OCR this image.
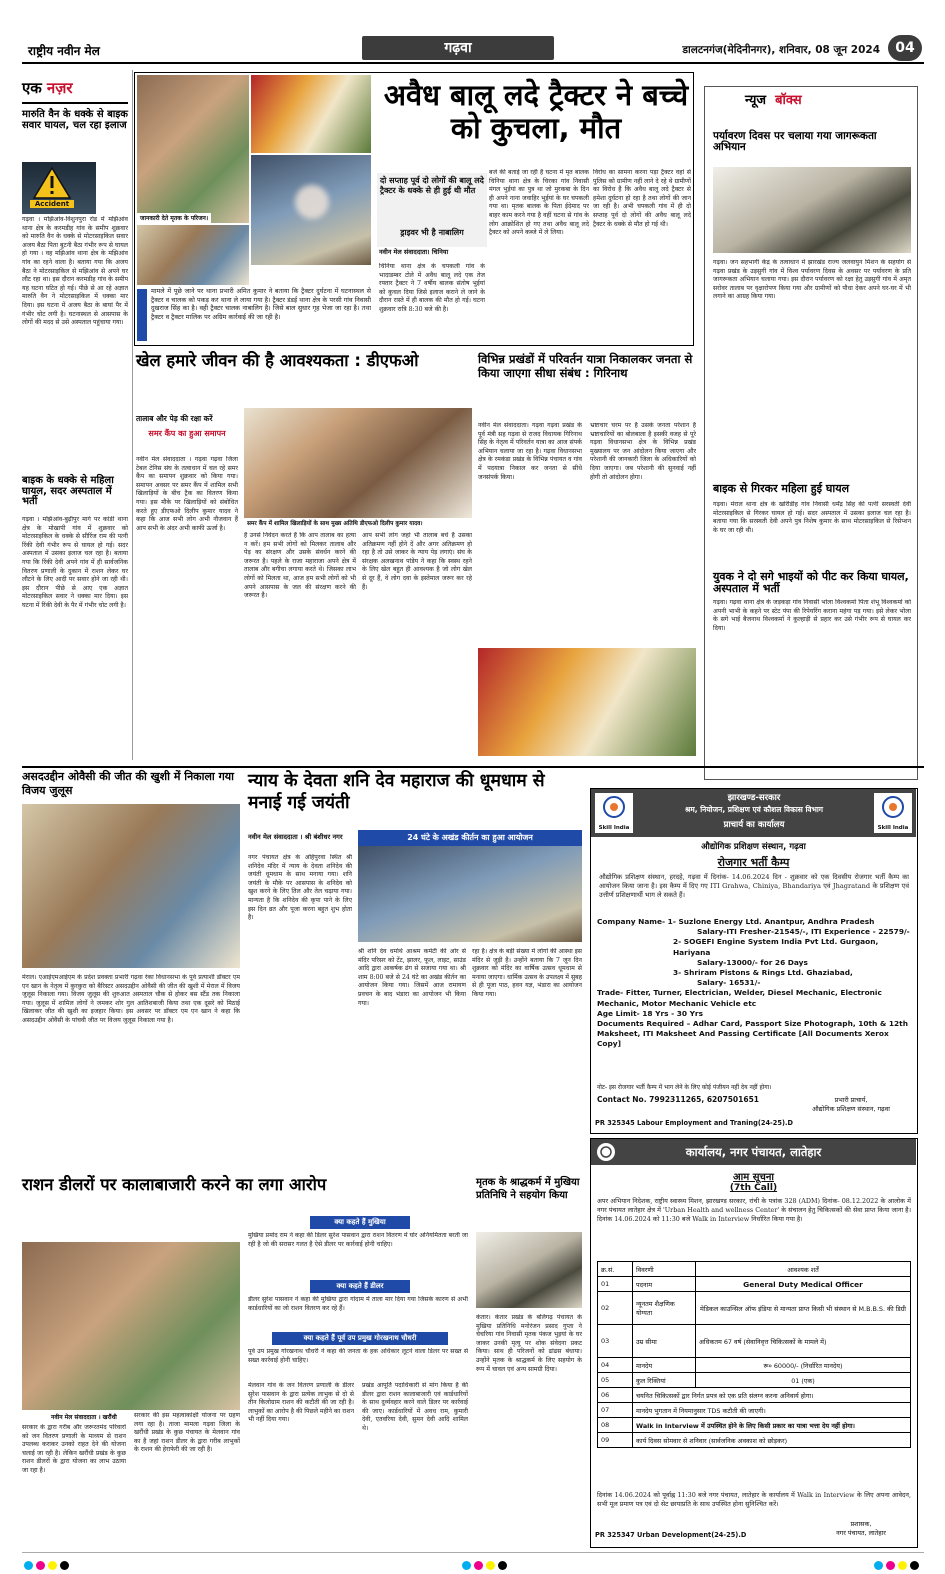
राष्ट्रीय नवीन मेल	गढ़वा	डालटनगंज(मेदिनीनगर), शनिवार, 08 जून 2024	04
एक नज़र
मारुति वैन के धक्के से बाइक सवार घायल, चल रहा इलाज
Accident
गढ़वा । मझिआंव-विशुनपुरा रोड में मझिआंव थाना क्षेत्र के करमडीह गांव के समीप शुक्रवार को मारुति वैन के धक्के से मोटरसाइकिल सवार अजय बैठा पिता बुटनी बैठा गंभीर रूप से घायल हो गया । वह मझिआंव थाना क्षेत्र के मझिआंव गांव का रहने वाला है। बताया गया कि अजय बैठा ने मोटरसाइकिल से मझिआंव से अपने घर लौट रहा था। इस दौरान करमडीह गांव के समीप यह घटना घटित हो गई। पीछे से आ रहे अज्ञात मारुति वैन ने मोटरसाइकिल में धक्का मार दिया। इस घटना में अजय बैठा के बायां पैर में गंभीर चोट लगी है। घटनास्थल से आसपास के लोगों की मदद से उसे अस्पताल पहुंचाया गया।
बाइक के धक्के से महिला घायल, सदर अस्पताल में भर्ती
गढ़वा । मझिआंव-बुढ़ीपुर मार्ग पर कांडी थाना क्षेत्र के मोखापी गांव में शुक्रवार को मोटरसाइकिल के धक्के से सीरिंज राम की पत्नी रिंकी देवी गंभीर रूप से घायल हो गई। सदर अस्पताल में उसका इलाज चल रहा है। बताया गया कि रिंकी देवी अपने गांव में ही सार्वजनिक वितरण प्रणाली के दुकान में राशन लेकर घर लौटने के लिए आदी पर सवार होने जा रही थी। इस दौरान पीछे से आए एक अज्ञात मोटरसाइकिल सवार ने धक्का मार दिया। इस घटना में रिंकी देवी के पैर में गंभीर चोट लगी है।
जानकारी देते मृतक के परिजन।
मामले में पूछे जाने पर थाना प्रभारी अमित कुमार ने बताया कि ट्रैक्टर दुर्घटना में घटनास्थल से ट्रैक्टर व चालक को पकड़ कर थाना ले लाया गया है। ट्रैक्टर डंडई थाना क्षेत्र के परसी गांव निवासी दुखराज सिंह का है। वही ट्रैक्टर चालक नाबालिग है। जिसे बाल सुधार गृह भेजा जा रहा है। तथा ट्रैक्टर व ट्रैक्टर मालिक पर अग्रिम कार्रवाई की जा रही है।
अवैध बालू लदे ट्रैक्टर ने बच्चे को कुचला, मौत
दो सप्ताह पूर्व दो लोगों की बालू लदे ट्रैक्टर के धक्के से ही हुई थी मौत
ड्राइवर भी है नाबालिग
नवीन मेल संवाददाता। चिनिया
चिनिया थाना क्षेत्र के चपकली गांव के भादाडम्बर टोले में अवैध बालू लदे एक तेज रफ्तार ट्रैक्टर ने 7 वर्षीय बालक संतोष भुईयां को कुचल दिया जिसे इलाज कराने ले जाने के दौरान रास्ते में ही बालक की मौत हो गई। घटना शुक्रवार रात्रि 8:30 बजे की है।
बजे की बताई जा रही है घटना में मृत बालक चिनिया थाना क्षेत्र के चिरका गांव निवासी मंगल भुईयां का पुत्र था जो मुरकबा के दिन ही अपने नाना जवाहिर भुईयां के घर चपकली गया था। मृतक बालक के पिता ईदेमाद पर बाहर काम करने गया है वहीं घटना से गांव के लोग आक्रोशित हो गए तथा अवैध बालू लदे ट्रैक्टर को अपने कब्जे में ले लिया।
विरोध का सामना करना पड़ा ट्रैक्टर वहां से पुलिस को ग्रामीण नहीं लाने दे रहे थे ग्रामीणों का विरोध है कि अवैध बालू लदे ट्रैक्टर से हमेशा दुर्घटना हो रहा है तथा लोगों की जान जा रही है। अभी चपकली गांव में ही दो सप्ताह पूर्व दो लोगों की अवैध बालू लदे ट्रैक्टर के धक्के से मौत हो गई थी।
न्यूज बॉक्स
पर्यावरण दिवस पर चलाया गया जागरूकता अभियान
गढ़वा। जन सहभागी केंद्र के तत्वाधान में झारखंड राज्य जलवायुन मिशन के सहयोग से गढ़वा प्रखंड के उड़सुगी गांव में विश्व पर्यावरण दिवस के अवसर पर पर्यावरण के प्रति जागरूकता अभियान चलाया गया। इस दौरान पर्यावरण को रक्षा हेतु उड़सुगी गांव में अमृत सरोवर तालाब पर वृक्षारोपण किया गया और ग्रामीणों को पौधा देकर अपने घर-घर में भी लगाने का आग्रह किया गया।
बाइक से गिरकर महिला हुई घायल
गढ़वा। मेराल थाना क्षेत्र के खोरीडीह गांव निवासी धर्मेंद्र सिंह की पत्नी सरस्वती देवी मोटरसाइकिल से गिरकर घायल हो गई। सदर अस्पताल में उसका इलाज चल रहा है। बताया गया कि सरस्वती देवी अपने पुत्र निशेष कुमार के साथ मोटरसाइकिल से रिसेप्शन के घर जा रही थी।
युवक ने दो सगे भाइयों को पीट कर किया घायल, अस्पताल में भर्ती
गढ़वा। गढ़वा थाना क्षेत्र के जड़कड़ा गांव निवासी भोला विश्वकर्मा पिता शंभू विश्वकर्मा को अपनी भाभी के कहने पर स्टेट पंपा की रिपेयरिंग कराना महंगा पड़ गया। इसे लेकर भोला के सगे भाई बैजनाथ विश्वकर्मा ने कुल्हाड़ी से प्रहार कर उसे गंभीर रूप से घायल कर दिया।
खेल हमारे जीवन की है आवश्यकता : डीएफओ
तालाब और पेड़ की रक्षा करें
समर कैंप का हुआ समापन
समर कैंप में शामिल खिलाड़ियों के साथ मुख्य अतिथि डीएफओ दिलीप कुमार यादव।
नवीन मेल संवाददाता । गढ़वा गढ़वा जिला टेबल टेनिस संघ के तत्वाधान में चल रहे समर कैंप का समापन शुक्रवार को किया गया। समापन अवसर पर समर कैंप में शामिल सभी खिलाड़ियों के बीच ट्रैक का वितरण किया गया। इस मौके पर खिलाड़ियों को संबोधित करते हुए डीएफओ दिलीप कुमार यादव ने कहा कि आज सभी लोग अभी नौजवान हैं आप सभी के अंदर अभी काफी ऊर्जा है।
हैं उनसे निवेदन करते हैं कि आप तालाब का हत्या न करें। हम सभी लोगों को मिलकर तालाब और पेड़ का संरक्षण और उसके संवर्धन करने की जरूरत है। पहले के राजा महाराजा अपने क्षेत्र में तालाब और बगीचा लगाया करते थे। जिसका लाभ लोगों को मिलता था, आज हम सभी लोगों को भी अपने आसपास के जल की संरक्षण करने की जरूरत है।
आप सभी लोग जहां भी तालाब बचे है उसका अतिक्रमण नहीं होने दें और अगर अतिक्रमण हो रहा है तो उसे जाकर के न्याय पेड़ लगाएं। संघ के संरक्षक अलखनाथ पांडेय ने कहा कि स्वस्थ रहने के लिए खेल बहुत ही आवश्यक है जो लोग खेल से दूर हैं, वे लोग दवा के इस्तेमाल जरूर कर रहे हैं।
विभिन्न प्रखंडों में परिवर्तन यात्रा निकालकर जनता से किया जाएगा सीधा संबंध : गिरिनाथ
नवीन मेल संवाददाता। गढ़वा गढ़वा प्रखंड के पूर्व मंत्री सह गढ़वा से राजद विधायक गिरिनाथ सिंह के नेतृत्व में परिवर्तन यात्रा का आज संपर्क अभियान चलाया जा रहा है। गढ़वा विधानसभा क्षेत्र के रमकंडा प्रखंड के विभिन्न पंचायत व गांव में पदयात्रा निकाल कर जनता से सीधे जनसंपर्क किया।
भ्रष्टाचार चरम पर है उसके जनता परेशान है भ्रष्टाचारियों का बोलबाला है इसकी वजह से पूरे गढ़वा विधानसभा क्षेत्र के विभिन्न प्रखंड मुख्यालय पर जन आंदोलन किया जाएगा और परेशानी की जानकारी जिला के अधिकारियों को दिया जाएगा। जब परेशानी की सुनवाई नहीं होगी तो आंदोलन होगा।
असदउद्दीन ओवैसी की जीत की खुशी में निकाला गया विजय जुलूस
मेराल। एआईएमआईएम के प्रदेश प्रवक्ता प्रभारी गढ़वा रंका विधानसभा के पूर्व प्रत्याशी डॉक्टर एम एन खान के नेतृत्व में कुरकुरा को बैरिस्टर असदउद्दीन ओवैसी की जीत की खुशी में मेराल में विजय जुलूस निकाला गया। विजय जुलूस की शुरुआत अस्पताल चौक से होकर बस स्टैंड तक निकाला गया। जुलूस में शामिल लोगों ने जमकर शोर गुल आतिशबाजी किया तथा एक दूसरे को मिठाई खिलाकर जीत की खुशी का इजहार किया। इस अवसर पर डॉक्टर एम एन खान ने कहा कि असदउद्दीन ओवैसी के पांचवी जीत पर विजय जुलूस निकाला गया है।
न्याय के देवता शनि देव महाराज की धूमधाम से मनाई गई जयंती
नवीन मेल संवाददाता । श्री बंशीधर नगर
नगर पंचायत क्षेत्र के अहिपुरवा स्थित श्री शनिदेव मंदिर में न्याय के देवता शनिदेव की जयंती धूमधाम के साथ मनाया गया। शनि जयंती के मौके पर आसपास के शनिदेव को खुश करने के लिए तिल और तेल चढ़ाया गया। मान्यता है कि शनिदेव की कृपा पाने के लिए इस दिन व्रत और पूजा करना बहुत शुभ होता है।
24 घंटे के अखंड कीर्तन का हुआ आयोजन
श्री शनि देव धर्मार्थ आश्रम कमेटी की ओर से मंदिर परिसर को टेंट, झालर, फूल, लाइट, साउंड आदि द्वारा आकर्षक ढंग से सजाया गया था। श्री शाम 8:00 बजे से 24 घंटे का अखंड कीर्तन का आयोजन किया गया। जिसमें आज रामायण प्रवचन के बाद भंडारा का आयोजन भी किया गया।
रहा है। क्षेत्र के बड़ी संख्या में लोगों की आस्था इस मंदिर से जुड़ी है। उन्होंने बताया कि 7 जून दिन शुक्रवार को मंदिर का वार्षिक उत्सव धूमधाम से मनाया जाएगा। धार्मिक उत्सव के उपलक्ष्य में सुबह से ही पूजा पाठ, हवन यज्ञ, भंडारा का आयोजन किया गया।
Skill India	Skill India
झारखण्ड-सरकार
श्रम, नियोजन, प्रशिक्षण एवं कौशल विकास विभाग
प्राचार्य का कार्यालय
औद्योगिक प्रशिक्षण संस्थान, गढ़वा
रोजगार भर्ती कैम्प
औद्योगिक प्रशिक्षण संस्थान, हरदहे, गढ़वा में दिनांक- 14.06.2024 दिन - शुक्रवार को एक दिवसीय रोजगार भर्ती कैम्प का आयोजन किया जाना है। इस कैम्प में दिए गए ITI Grahwa, Chiniya, Bhandariya एवं Jhagratand के प्रशिक्षण एवं उत्तीर्ण प्रशिक्षणार्थी भाग ले सकते हैं।
Company Name- 1- Suzlone Energy Ltd. Anantpur, Andhra Pradesh
Salary-ITI Fresher-21545/-, ITI Experience - 22579/-
2- SOGEFI Engine System India Pvt Ltd. Gurgaon, Hariyana
Salary-13000/- for 26 Days
3- Shriram Pistons & Rings Ltd. Ghaziabad,
Salary- 16531/-
Trade- Fitter, Turner, Electrician, Welder, Diesel Mechanic, Electronic Mechanic, Motor Mechanic Vehicle etc
Age Limit- 18 Yrs - 30 Yrs
Documents Required – Adhar Card, Passport Size Photograph, 10th & 12th Maksheet, ITI Maksheet And Passing Certificate [All Documents Xerox Copy]
नोट- इस रोजगार भर्ती कैम्प में भाग लेने के लिए कोई पंजीयन नहीं देय नहीं होगा।
Contact No. 7992311265, 6207501651	प्रभारी प्राचार्य,
औद्योगिक प्रशिक्षण संस्थान, गढ़वा
PR 325345 Labour Employment and Traning(24-25).D
राशन डीलरों पर कालाबाजारी करने का लगा आरोप
नवीन मेल संवाददाता । खरौंधी
सरकार के द्वारा गरीब और जरूरतमंद परिवारों को जन वितरण प्रणाली के माध्यम से राशन उपलब्ध कराकर उनको राहत देने की योजना चलाई जा रही है। लेकिन खरौंधी प्रखंड के कुछ राशन डीलरों के द्वारा योजना का लाभ उठाया जा रहा है।
सरकार की इस महत्वाकांक्षी योजना पर ग्रहण लगा रहा है। ताजा मामला गढ़वा जिला के खरौंधी प्रखंड के कुछ पंचायत के मेलवान गांव का है जहां राशन डीलर के द्वारा गरीब लाभुकों के राशन की हेराफेरी की जा रही है।
क्या कहते हैं मुखिया
मुखिया प्रमोद राम ने कहा की डिलर सुरेश पासवान द्वारा राशन वितरण में घोर अनियमितता बरती जा रही है जो की सरासर गलत है ऐसे डीलर पर कार्रवाई होनी चाहिए।
क्या कहते हैं डीलर
डीलर सुरेश पासवान ने कहा की मुखिया द्वारा गोदाम में ताला मार दिया गया जिसके कारण से अभी कार्डधारियों का जो राशन वितरण कर रहे हैं।
क्या कहते हैं पूर्व उप प्रमुख गोरखनाथ चौधरी
पूर्व उप प्रमुख गोरखनाथ चौधरी ने कहा की जनता के हक अधिकार लूटने वाला डिलर पर सख्त से सख्त कार्रवाई होनी चाहिए।
मेलवान गांव के जन वितरण प्रणाली के डीलर सुरेश पासवान के द्वारा प्रत्येक लाभुक से दो से तीन किलोग्राम राशन की कटौती की जा रही है। लाभुकों का आरोप है की पिछले महीने का राशन भी नहीं दिया गया।
प्रखंड आपूर्ति पदाधिकारी से मांग किया है की डीलर द्वारा राशन कालाबाजारी एवं कार्डधारियों के साथ दुर्व्यवहार करने वाले डिलर पर कार्रवाई की जाए। कार्डधारियों में अवध राम, कुमारी देवी, एतवरिया देवी, सुमन देवी आदि शामिल थे।
मृतक के श्राद्धकर्म में मुखिया प्रतिनिधि ने सहयोग किया
केतार। केतार प्रखंड के बलिगढ़ पंचायत के मुखिया प्रतिनिधि मनोरंजन प्रसाद गुप्ता ने चेचरिया गांव निवासी मृतक पंकज भुइयां के घर जाकर उनकी मृत्यु पर शोक संवेदना प्रकट किया। साथ ही परिजनों को ढांढस बंधाया। उन्होंने मृतक के श्राद्धकर्म के लिए सहयोग के रूप में चावल एवं अन्य सामग्री दिया।
कार्यालय, नगर पंचायत, लातेहार
आम सूचना
(7th Call)
अपर अभियान निदेशक, राष्ट्रीय स्वास्थ्य मिशन, झारखण्ड सरकार, रांची के पत्रांक 328 (ADM) दिनांक- 08.12.2022 के आलोक में नगर पंचायत लातेहार क्षेत्र में 'Urban Health and wellness Center' के संचालन हेतु चिकित्सकों की सेवा प्राप्त किया जाना है। दिनांक 14.06.2024 को 11:30 बजे Walk in Interview निर्धारित किया गया है।
क्र.सं.	विवरणी	आवश्यक शर्तें
01	पदनाम	General Duty Medical Officer
02	न्यूनतम शैक्षणिक योग्यता	मेडिकल काउन्सिल ऑफ इंडिया से मान्यता प्राप्त किसी भी संस्थान से M.B.B.S. की डिग्री
03	उम्र सीमा	अधिकतम 67 वर्ष (सेवानिवृत्त चिकित्सकों के मामले में)
04	मानदेय	रू० 60000/- (निर्धारित मानदेय)
05	कुल रिक्तियां	01 (एक)
06	चयनित चिकित्सकों द्वार निर्गत प्रपत्र को एक प्रति संलग्न करना अनिवार्य होगा।	
07	मानदेय भुगतान में नियमानुसार TDS कटौती की जाएगी।	
08	Walk in Interview में उपस्थित होने के लिए किसी प्रकार का यात्रा भत्ता देय नहीं होगा।	
09	कार्य दिवस सोमवार से शनिवार (सार्वजनिक अवकाश को छोड़कर)	
दिनांक 14.06.2024 को पूर्वाह्न 11:30 बजे नगर पंचायत, लातेहार के कार्यालय में Walk in Interview के लिए अपना आवेदन, सभी मूल प्रमाण पत्र एवं दो सेट छायाप्रति के साथ उपस्थित होना सुनिश्चित करें।
PR 325347 Urban Development(24-25).D
प्रशासक,
नगर पंचायत, लातेहार
